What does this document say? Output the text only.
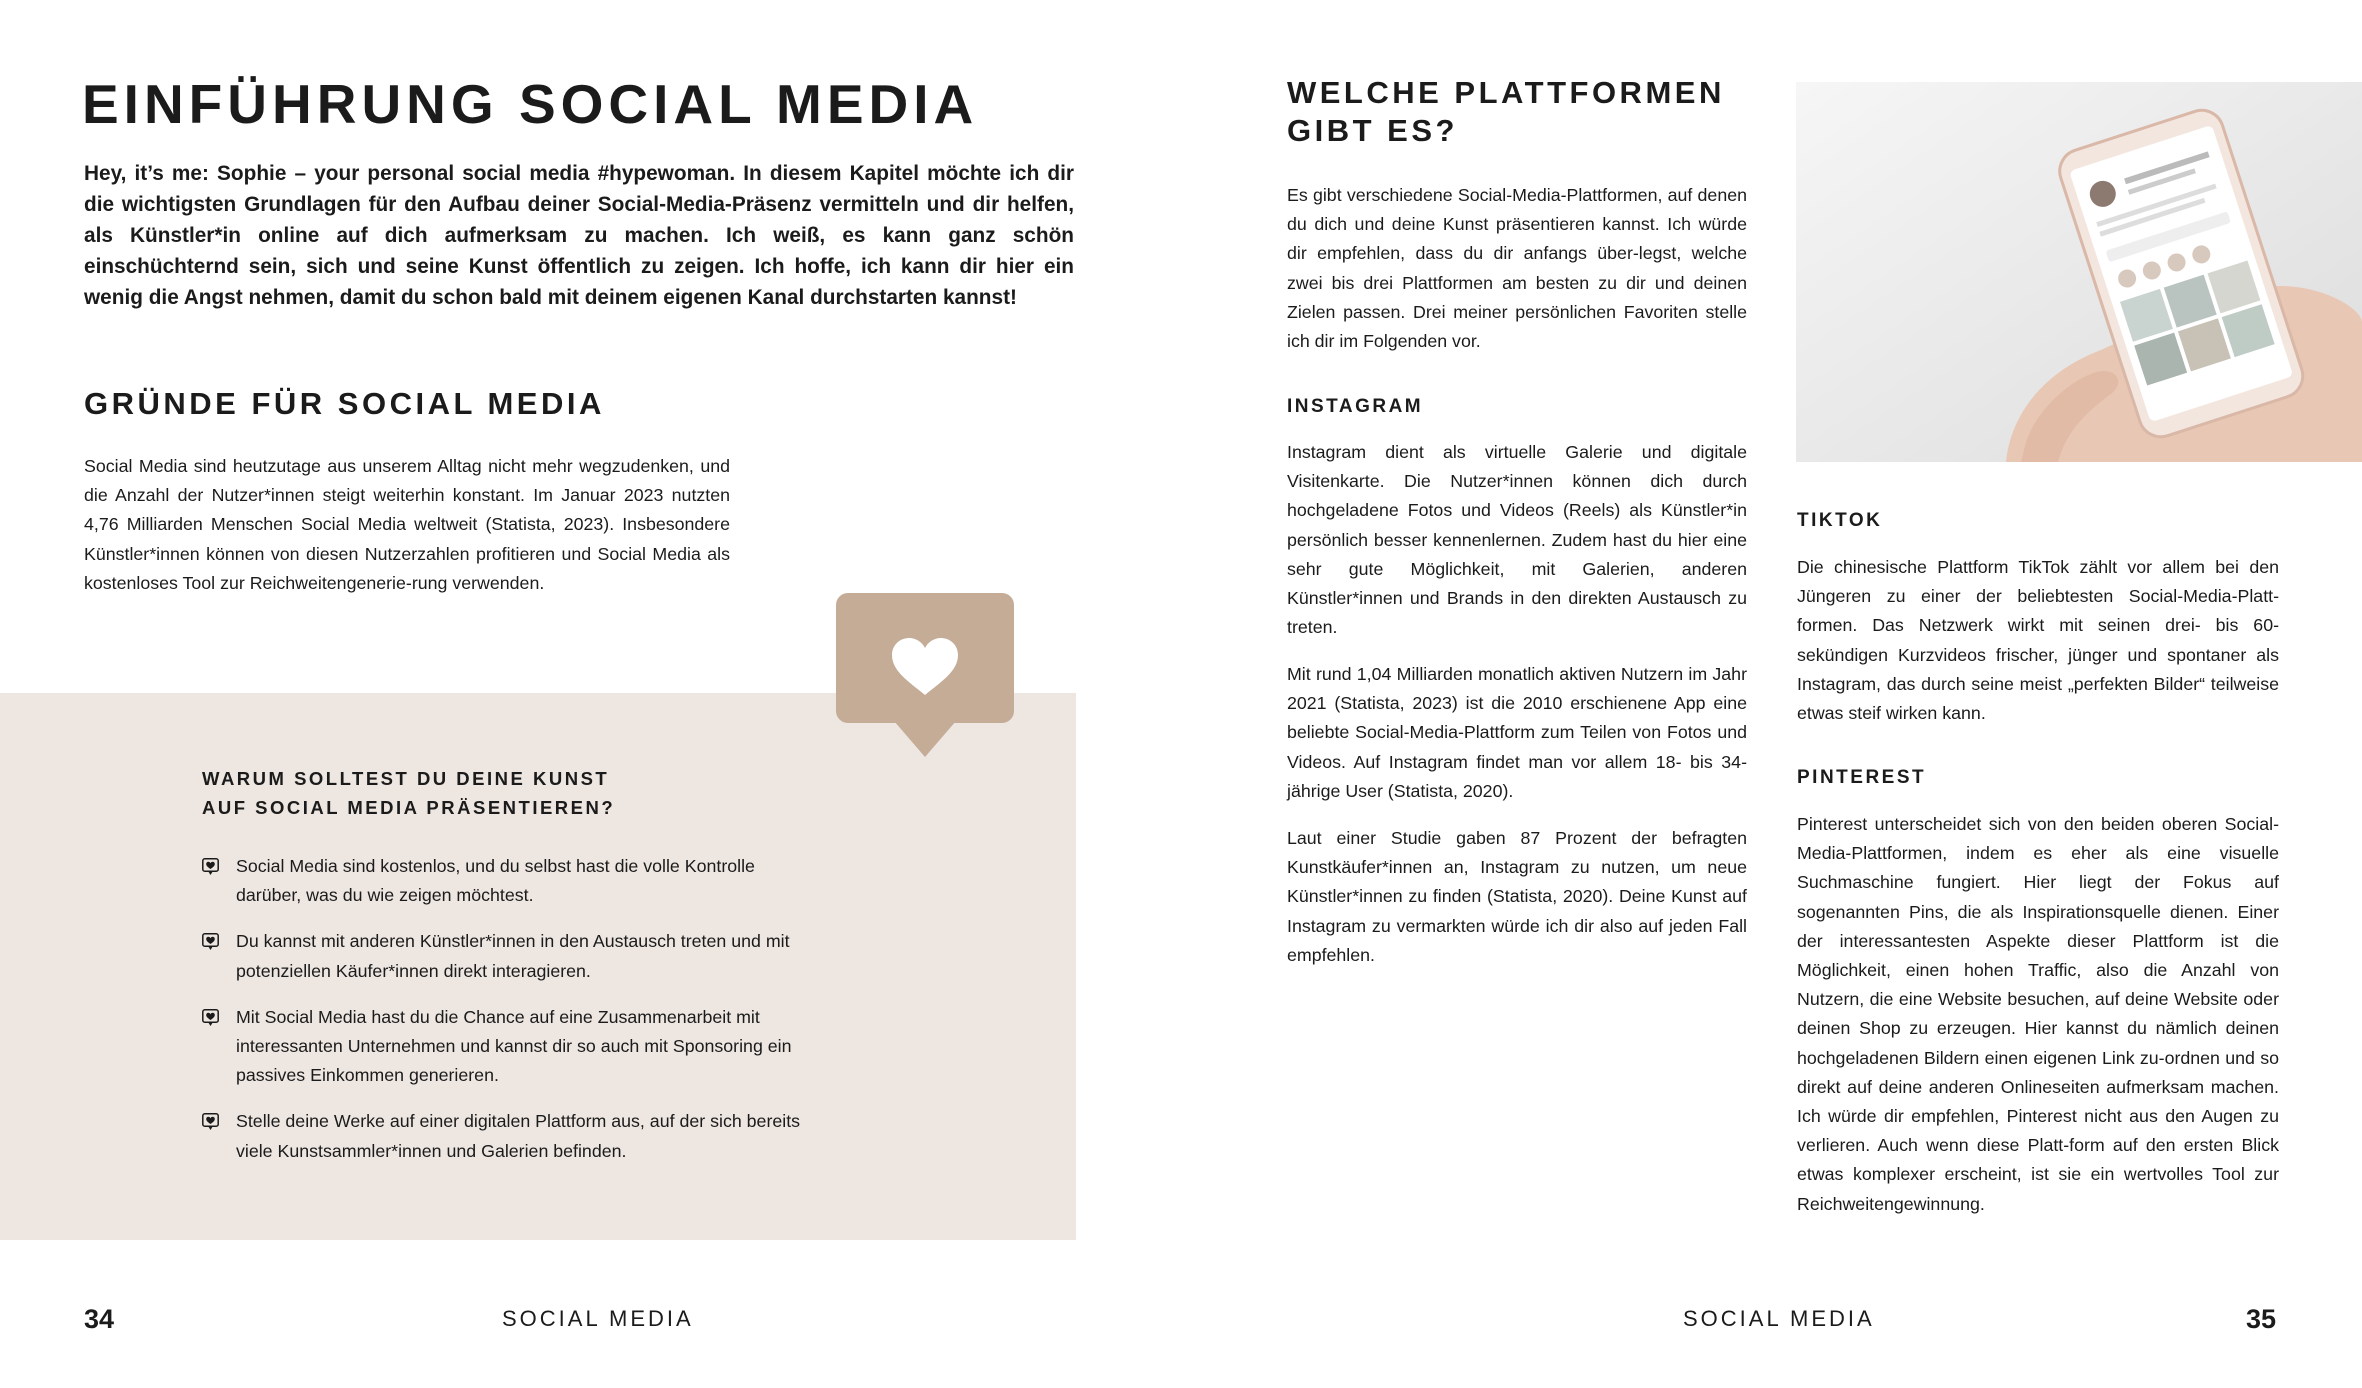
EINFÜHRUNG SOCIAL MEDIA

Hey, it’s me: Sophie – your personal social media #hypewoman. In diesem Kapitel möchte ich dir die wichtigsten Grundlagen für den Aufbau deiner Social-Media-Präsenz vermitteln und dir helfen, als Künstler*in online auf dich aufmerksam zu machen. Ich weiß, es kann ganz schön einschüchternd sein, sich und seine Kunst öffentlich zu zeigen. Ich hoffe, ich kann dir hier ein wenig die Angst nehmen, damit du schon bald mit deinem eigenen Kanal durchstarten kannst!

GRÜNDE FÜR SOCIAL MEDIA

Social Media sind heutzutage aus unserem Alltag nicht mehr wegzudenken, und die Anzahl der Nutzer*innen steigt weiterhin konstant. Im Januar 2023 nutzten 4,76 Milliarden Menschen Social Media weltweit (Statista, 2023). Insbesondere Künstler*innen können von diesen Nutzerzahlen profitieren und Social Media als kostenloses Tool zur Reichweitengenerie-rung verwenden.

WARUM SOLLTEST DU DEINE KUNST
AUF SOCIAL MEDIA PRÄSENTIEREN?

Social Media sind kostenlos, und du selbst hast die volle Kontrolle darüber, was du wie zeigen möchtest.
Du kannst mit anderen Künstler*innen in den Austausch treten und mit potenziellen Käufer*innen direkt interagieren.
Mit Social Media hast du die Chance auf eine Zusammenarbeit mit interessanten Unternehmen und kannst dir so auch mit Sponsoring ein passives Einkommen generieren.
Stelle deine Werke auf einer digitalen Plattform aus, auf der sich bereits viele Kunstsammler*innen und Galerien befinden.
34	SOCIAL MEDIA
WELCHE PLATTFORMEN
GIBT ES?

Es gibt verschiedene Social-Media-Plattformen, auf denen du dich und deine Kunst präsentieren kannst. Ich würde dir empfehlen, dass du dir anfangs über-legst, welche zwei bis drei Plattformen am besten zu dir und deinen Zielen passen. Drei meiner persönlichen Favoriten stelle ich dir im Folgenden vor.

INSTAGRAM

Instagram dient als virtuelle Galerie und digitale Visitenkarte. Die Nutzer*innen können dich durch hochgeladene Fotos und Videos (Reels) als Künstler*in persönlich besser kennenlernen. Zudem hast du hier eine sehr gute Möglichkeit, mit Galerien, anderen Künstler*innen und Brands in den direkten Austausch zu treten.

Mit rund 1,04 Milliarden monatlich aktiven Nutzern im Jahr 2021 (Statista, 2023) ist die 2010 erschienene App eine beliebte Social-Media-Plattform zum Teilen von Fotos und Videos. Auf Instagram findet man vor allem 18- bis 34-jährige User (Statista, 2020).

Laut einer Studie gaben 87 Prozent der befragten Kunstkäufer*innen an, Instagram zu nutzen, um neue Künstler*innen zu finden (Statista, 2020). Deine Kunst auf Instagram zu vermarkten würde ich dir also auf jeden Fall empfehlen.

TIKTOK

Die chinesische Plattform TikTok zählt vor allem bei den Jüngeren zu einer der beliebtesten Social-Media-Platt-formen. Das Netzwerk wirkt mit seinen drei- bis 60-sekündigen Kurzvideos frischer, jünger und spontaner als Instagram, das durch seine meist „perfekten Bilder“ teilweise etwas steif wirken kann.

PINTEREST

Pinterest unterscheidet sich von den beiden oberen Social-Media-Plattformen, indem es eher als eine visuelle Suchmaschine fungiert. Hier liegt der Fokus auf sogenannten Pins, die als Inspirationsquelle dienen. Einer der interessantesten Aspekte dieser Plattform ist die Möglichkeit, einen hohen Traffic, also die Anzahl von Nutzern, die eine Website besuchen, auf deine Website oder deinen Shop zu erzeugen. Hier kannst du nämlich deinen hochgeladenen Bildern einen eigenen Link zu-ordnen und so direkt auf deine anderen Onlineseiten aufmerksam machen. Ich würde dir empfehlen, Pinterest nicht aus den Augen zu verlieren. Auch wenn diese Platt-form auf den ersten Blick etwas komplexer erscheint, ist sie ein wertvolles Tool zur Reichweitengewinnung.

SOCIAL MEDIA	35
